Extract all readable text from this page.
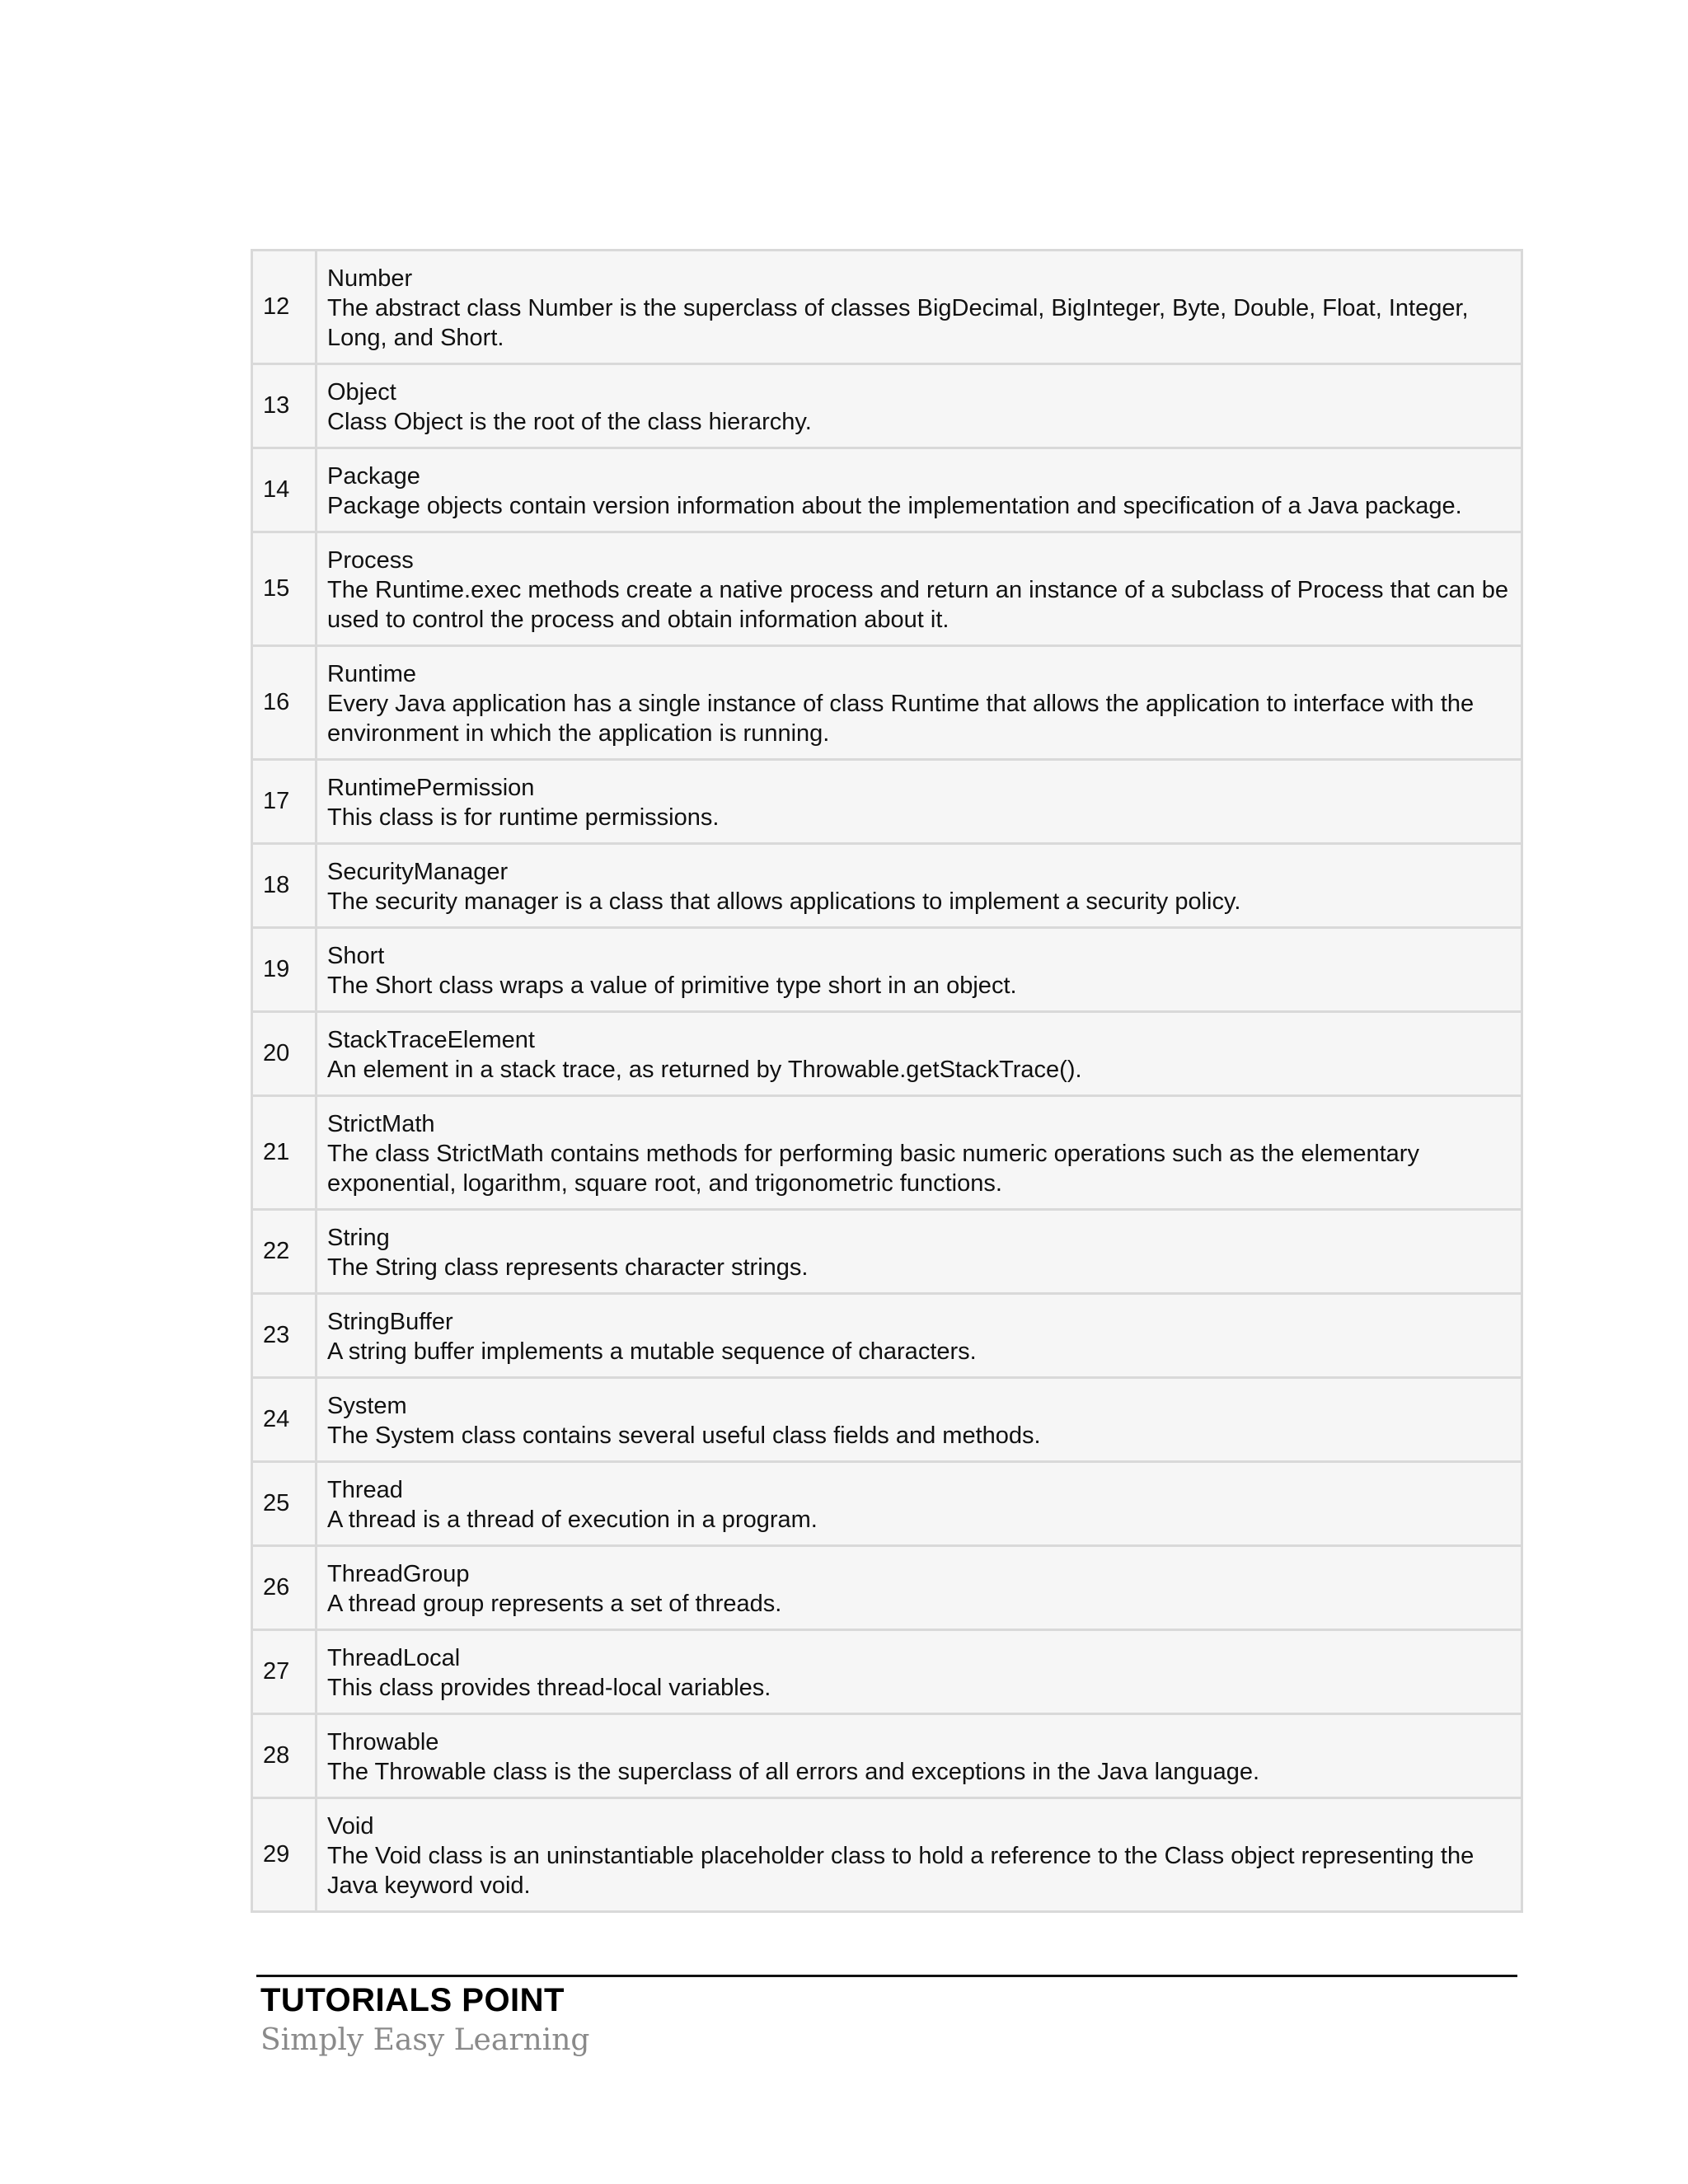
12	Number
The abstract class Number is the superclass of classes BigDecimal, BigInteger, Byte, Double, Float, Integer, Long, and Short.

13	Object
Class Object is the root of the class hierarchy.

14	Package
Package objects contain version information about the implementation and specification of a Java package.

15	Process
The Runtime.exec methods create a native process and return an instance of a subclass of Process that can be used to control the process and obtain information about it.

16	Runtime
Every Java application has a single instance of class Runtime that allows the application to interface with the environment in which the application is running.

17	RuntimePermission
This class is for runtime permissions.

18	SecurityManager
The security manager is a class that allows applications to implement a security policy.

19	Short
The Short class wraps a value of primitive type short in an object.

20	StackTraceElement
An element in a stack trace, as returned by Throwable.getStackTrace().

21	StrictMath
The class StrictMath contains methods for performing basic numeric operations such as the elementary exponential, logarithm, square root, and trigonometric functions.

22	String
The String class represents character strings.

23	StringBuffer
A string buffer implements a mutable sequence of characters.

24	System
The System class contains several useful class fields and methods.

25	Thread
A thread is a thread of execution in a program.

26	ThreadGroup
A thread group represents a set of threads.

27	ThreadLocal
This class provides thread-local variables.

28	Throwable
The Throwable class is the superclass of all errors and exceptions in the Java language.

29	Void
The Void class is an uninstantiable placeholder class to hold a reference to the Class object representing the Java keyword void.
TUTORIALS POINT
Simply Easy Learning
